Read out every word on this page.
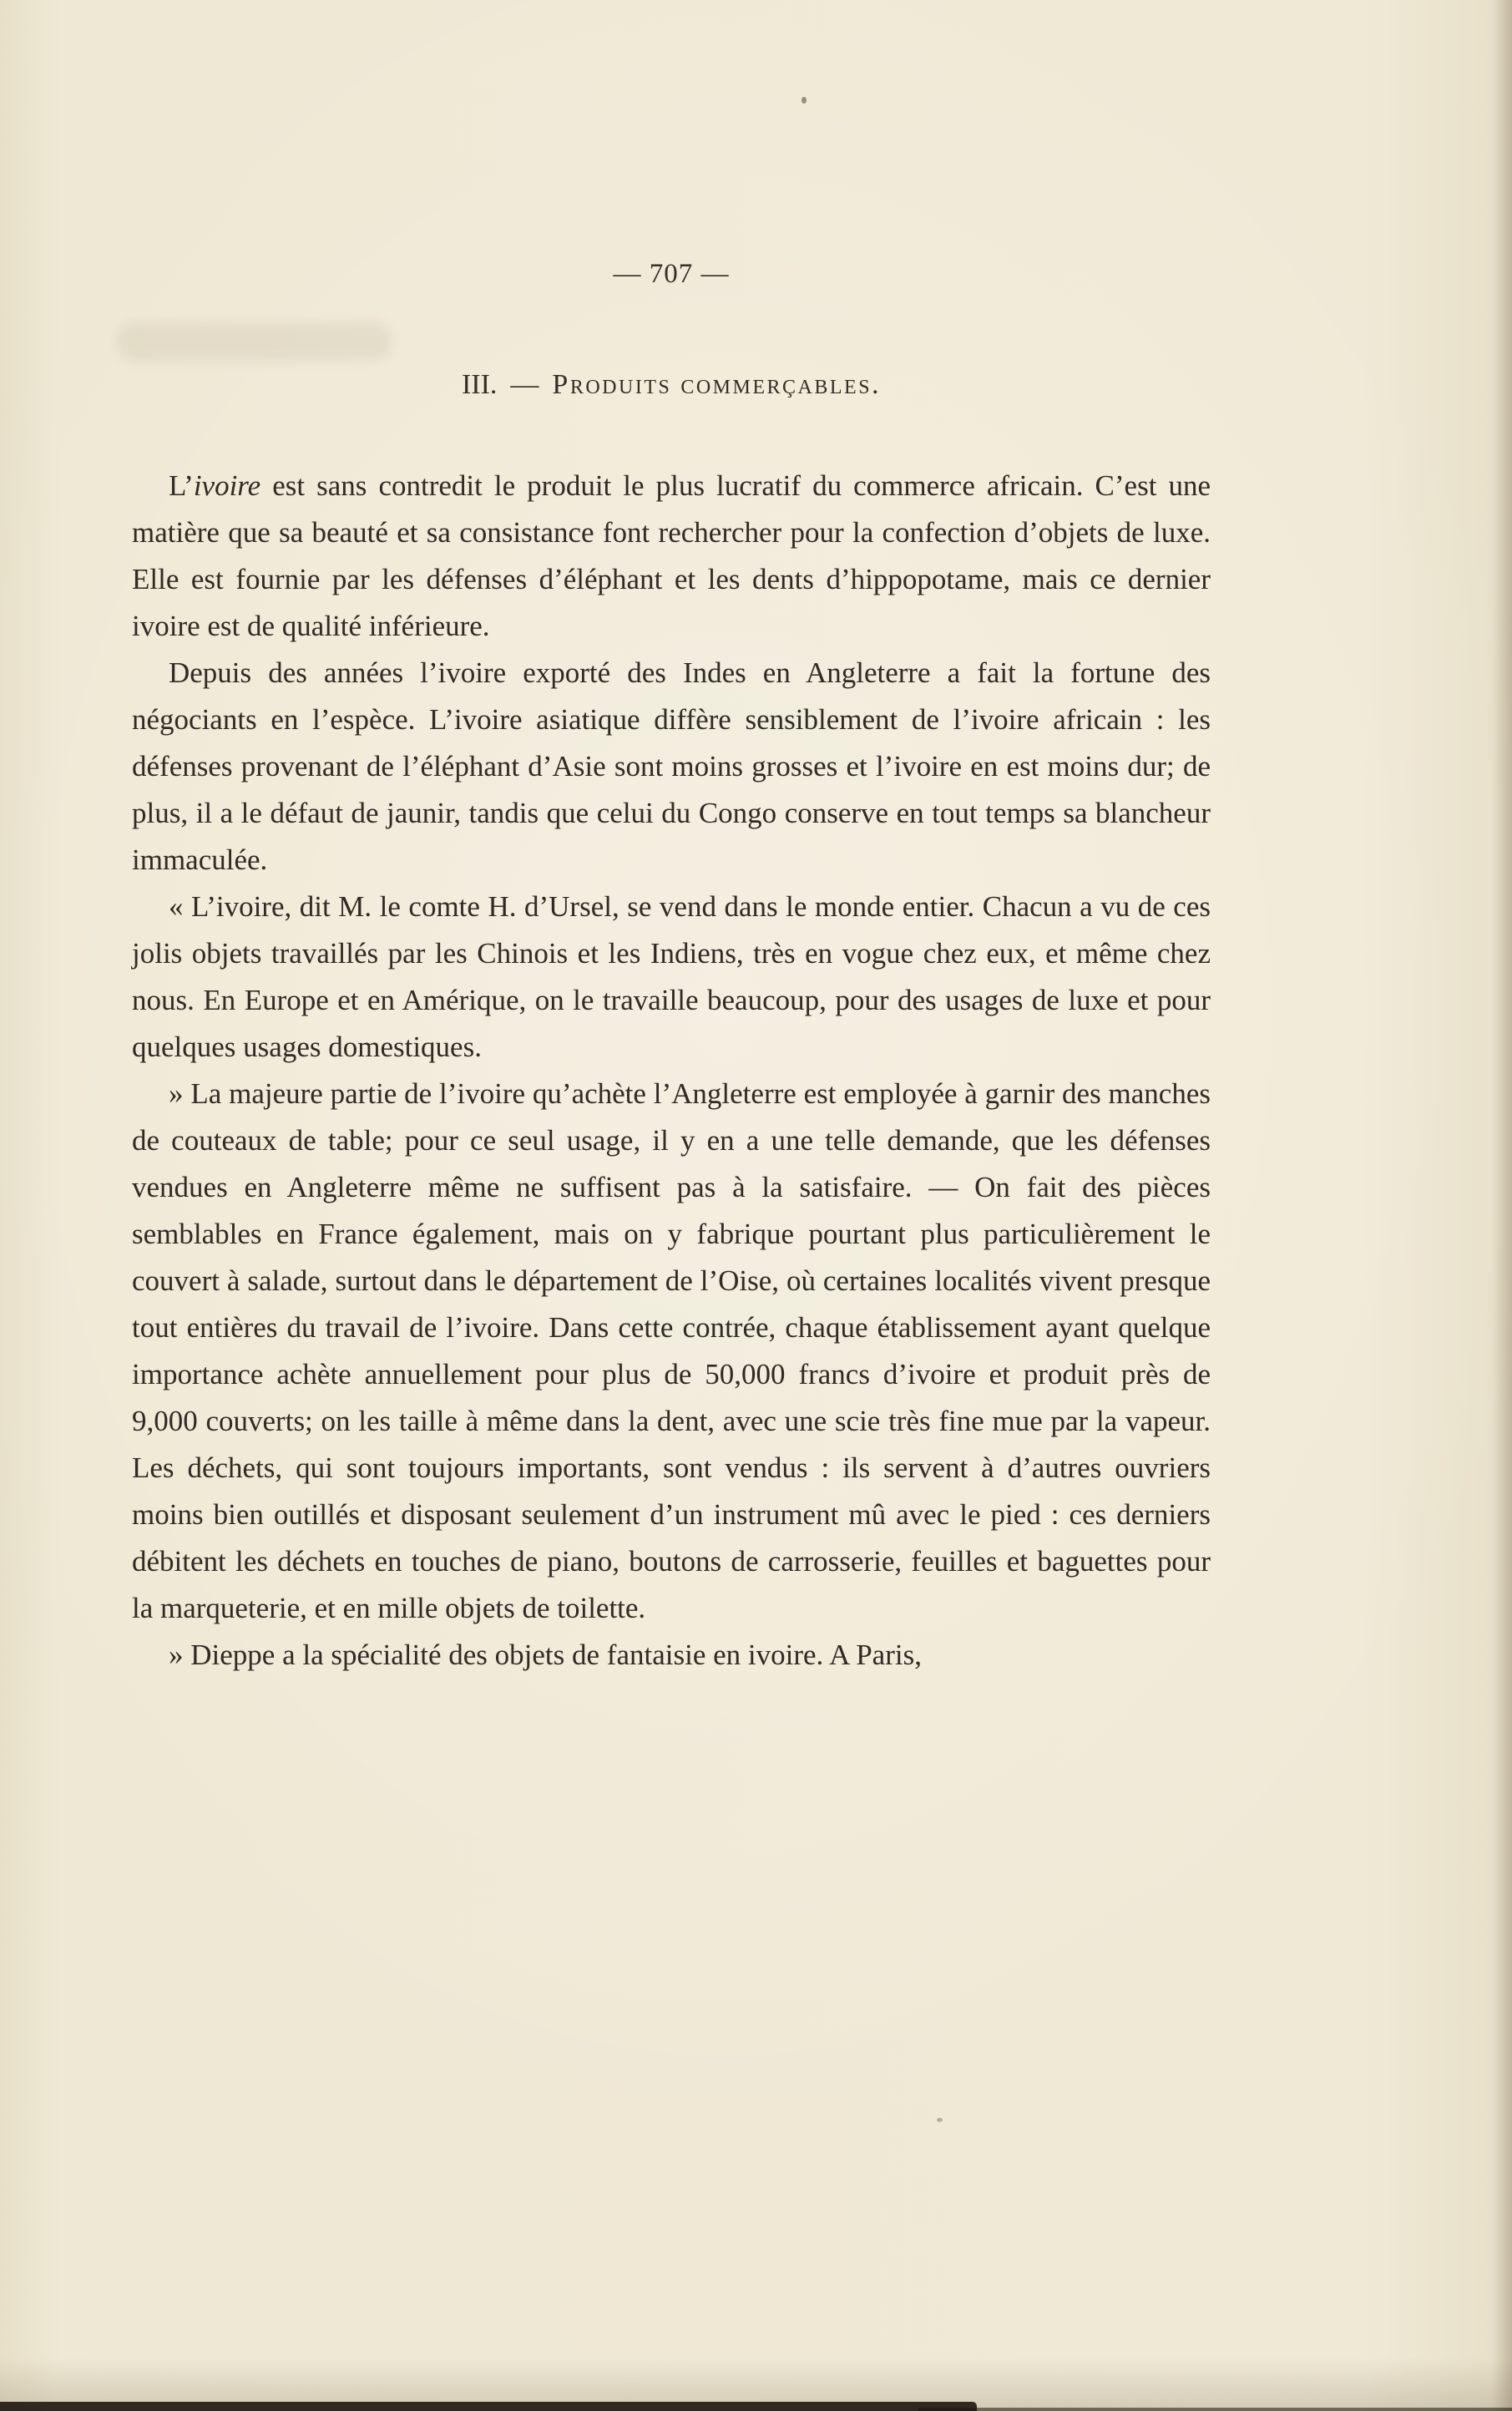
— 707 —
III. — Produits commerçables.

L’ivoire est sans contredit le produit le plus lucratif du commerce africain. C’est une matière que sa beauté et sa consistance font rechercher pour la confection d’objets de luxe. Elle est fournie par les défenses d’éléphant et les dents d’hippopotame, mais ce dernier ivoire est de qualité inférieure.

Depuis des années l’ivoire exporté des Indes en Angleterre a fait la fortune des négociants en l’espèce. L’ivoire asiatique diffère sensiblement de l’ivoire africain : les défenses provenant de l’éléphant d’Asie sont moins grosses et l’ivoire en est moins dur; de plus, il a le défaut de jaunir, tandis que celui du Congo conserve en tout temps sa blancheur immaculée.

« L’ivoire, dit M. le comte H. d’Ursel, se vend dans le monde entier. Chacun a vu de ces jolis objets travaillés par les Chinois et les Indiens, très en vogue chez eux, et même chez nous. En Europe et en Amérique, on le travaille beaucoup, pour des usages de luxe et pour quelques usages domestiques.

» La majeure partie de l’ivoire qu’achète l’Angleterre est employée à garnir des manches de couteaux de table; pour ce seul usage, il y en a une telle demande, que les défenses vendues en Angleterre même ne suffisent pas à la satisfaire. — On fait des pièces semblables en France également, mais on y fabrique pourtant plus particulièrement le couvert à salade, surtout dans le département de l’Oise, où certaines localités vivent presque tout entières du travail de l’ivoire. Dans cette contrée, chaque établissement ayant quelque importance achète annuellement pour plus de 50,000 francs d’ivoire et produit près de 9,000 couverts; on les taille à même dans la dent, avec une scie très fine mue par la vapeur. Les déchets, qui sont toujours importants, sont vendus : ils servent à d’autres ouvriers moins bien outillés et disposant seulement d’un instrument mû avec le pied : ces derniers débitent les déchets en touches de piano, boutons de carrosserie, feuilles et baguettes pour la marqueterie, et en mille objets de toilette.

» Dieppe a la spécialité des objets de fantaisie en ivoire. A Paris,
